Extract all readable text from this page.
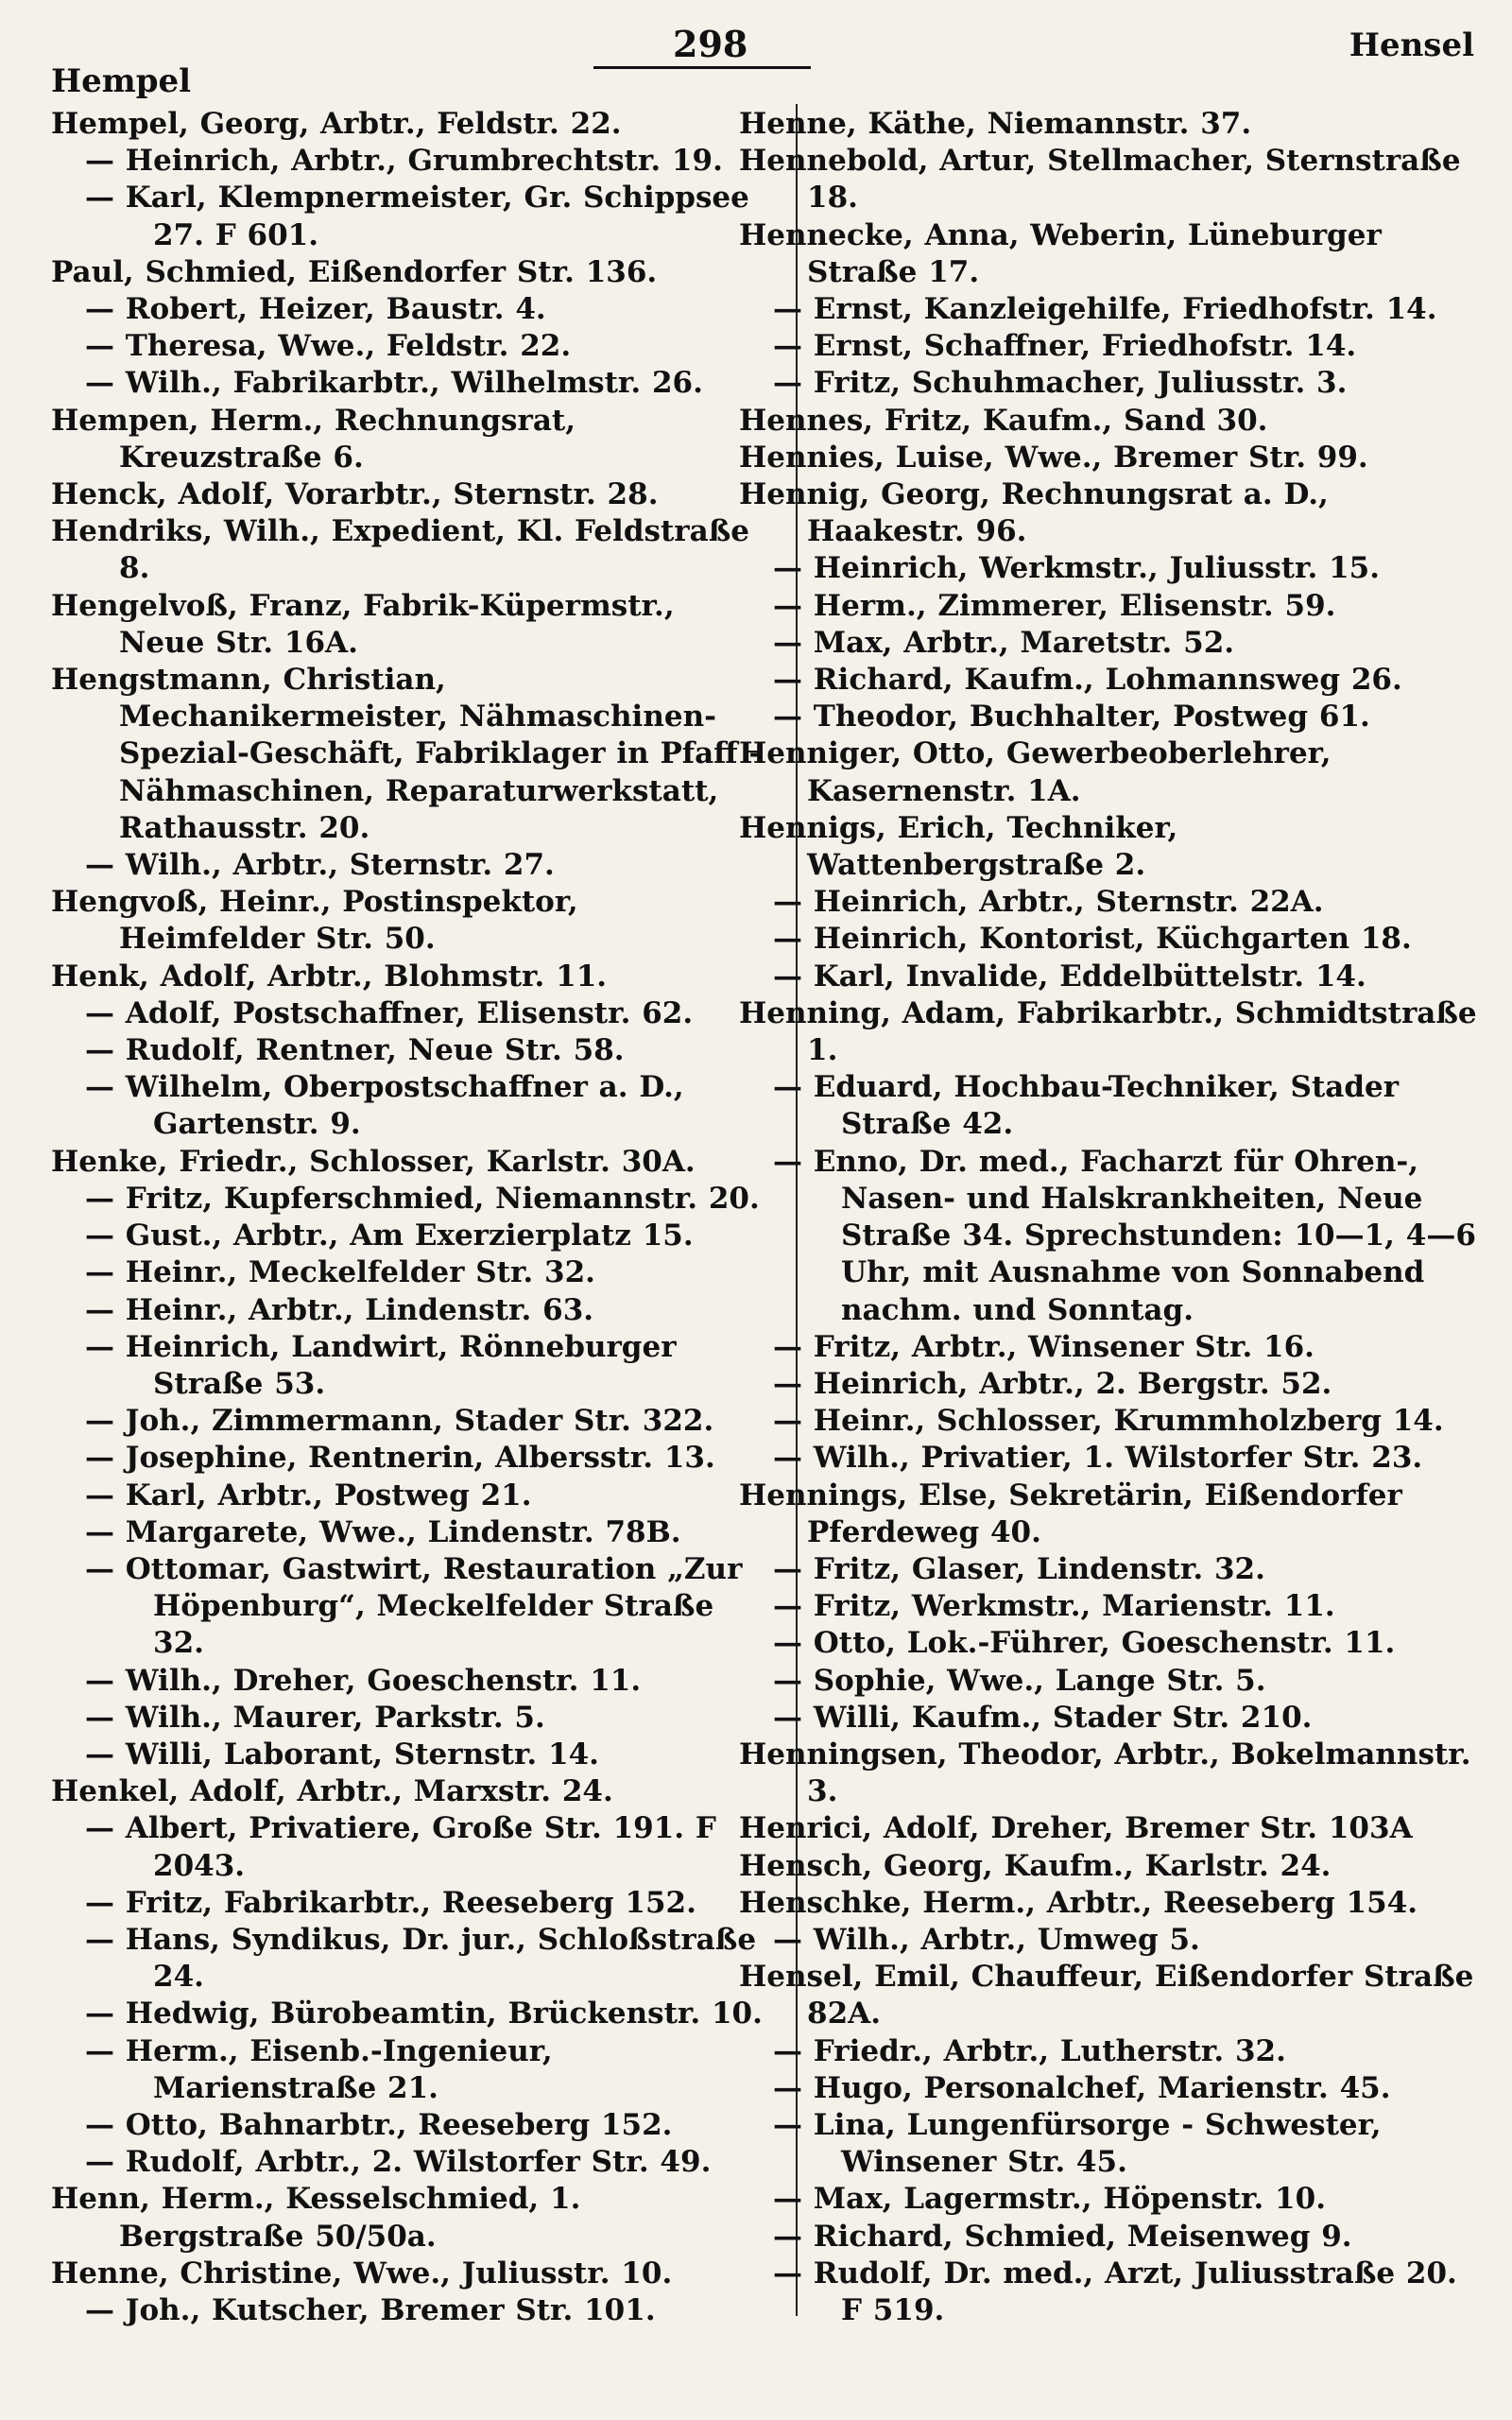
Hempel
298	Hensel
Hempel, Georg, Arbtr., Feldstr. 22.
— Heinrich, Arbtr., Grumbrechtstr. 19.
— Karl, Klempnermeister, Gr. Schippsee 27. F 601.
Paul, Schmied, Eißendorfer Str. 136.
— Robert, Heizer, Baustr. 4.
— Theresa, Wwe., Feldstr. 22.
— Wilh., Fabrikarbtr., Wilhelmstr. 26.
Hempen, Herm., Rechnungsrat, Kreuzstraße 6.
Henck, Adolf, Vorarbtr., Sternstr. 28.
Hendriks, Wilh., Expedient, Kl. Feldstraße 8.
Hengelvoß, Franz, Fabrik-Küpermstr., Neue Str. 16A.
Hengstmann, Christian, Mechanikermeister, Nähmaschinen-Spezial-Geschäft, Fabriklager in Pfaff - Nähmaschinen, Reparaturwerkstatt, Rathausstr. 20.
— Wilh., Arbtr., Sternstr. 27.
Hengvoß, Heinr., Postinspektor, Heimfelder Str. 50.
Henk, Adolf, Arbtr., Blohmstr. 11.
— Adolf, Postschaffner, Elisenstr. 62.
— Rudolf, Rentner, Neue Str. 58.
— Wilhelm, Oberpostschaffner a. D., Gartenstr. 9.
Henke, Friedr., Schlosser, Karlstr. 30A.
— Fritz, Kupferschmied, Niemannstr. 20.
— Gust., Arbtr., Am Exerzierplatz 15.
— Heinr., Meckelfelder Str. 32.
— Heinr., Arbtr., Lindenstr. 63.
— Heinrich, Landwirt, Rönneburger Straße 53.
— Joh., Zimmermann, Stader Str. 322.
— Josephine, Rentnerin, Albersstr. 13.
— Karl, Arbtr., Postweg 21.
— Margarete, Wwe., Lindenstr. 78B.
— Ottomar, Gastwirt, Restauration „Zur Höpenburg“, Meckelfelder Straße 32.
— Wilh., Dreher, Goeschenstr. 11.
— Wilh., Maurer, Parkstr. 5.
— Willi, Laborant, Sternstr. 14.
Henkel, Adolf, Arbtr., Marxstr. 24.
— Albert, Privatiere, Große Str. 191. F 2043.
— Fritz, Fabrikarbtr., Reeseberg 152.
— Hans, Syndikus, Dr. jur., Schloßstraße 24.
— Hedwig, Bürobeamtin, Brückenstr. 10.
— Herm., Eisenb.-Ingenieur, Marienstraße 21.
— Otto, Bahnarbtr., Reeseberg 152.
— Rudolf, Arbtr., 2. Wilstorfer Str. 49.
Henn, Herm., Kesselschmied, 1. Bergstraße 50/50a.
Henne, Christine, Wwe., Juliusstr. 10.
— Joh., Kutscher, Bremer Str. 101.
Henne, Käthe, Niemannstr. 37.
Hennebold, Artur, Stellmacher, Sternstraße 18.
Hennecke, Anna, Weberin, Lüneburger Straße 17.
— Ernst, Kanzleigehilfe, Friedhofstr. 14.
— Ernst, Schaffner, Friedhofstr. 14.
— Fritz, Schuhmacher, Juliusstr. 3.
Hennes, Fritz, Kaufm., Sand 30.
Hennies, Luise, Wwe., Bremer Str. 99.
Hennig, Georg, Rechnungsrat a. D., Haakestr. 96.
— Heinrich, Werkmstr., Juliusstr. 15.
— Herm., Zimmerer, Elisenstr. 59.
— Max, Arbtr., Maretstr. 52.
— Richard, Kaufm., Lohmannsweg 26.
— Theodor, Buchhalter, Postweg 61.
Henniger, Otto, Gewerbeoberlehrer, Kasernenstr. 1A.
Hennigs, Erich, Techniker, Wattenbergstraße 2.
— Heinrich, Arbtr., Sternstr. 22A.
— Heinrich, Kontorist, Küchgarten 18.
— Karl, Invalide, Eddelbüttelstr. 14.
Henning, Adam, Fabrikarbtr., Schmidtstraße 1.
— Eduard, Hochbau-Techniker, Stader Straße 42.
— Enno, Dr. med., Facharzt für Ohren-, Nasen- und Halskrankheiten, Neue Straße 34. Sprechstunden: 10—1, 4—6 Uhr, mit Ausnahme von Sonnabend nachm. und Sonntag.
— Fritz, Arbtr., Winsener Str. 16.
— Heinrich, Arbtr., 2. Bergstr. 52.
— Heinr., Schlosser, Krummholzberg 14.
— Wilh., Privatier, 1. Wilstorfer Str. 23.
Hennings, Else, Sekretärin, Eißendorfer Pferdeweg 40.
— Fritz, Glaser, Lindenstr. 32.
— Fritz, Werkmstr., Marienstr. 11.
— Otto, Lok.-Führer, Goeschenstr. 11.
— Sophie, Wwe., Lange Str. 5.
— Willi, Kaufm., Stader Str. 210.
Henningsen, Theodor, Arbtr., Bokelmannstr. 3.
Henrici, Adolf, Dreher, Bremer Str. 103A
Hensch, Georg, Kaufm., Karlstr. 24.
Henschke, Herm., Arbtr., Reeseberg 154.
— Wilh., Arbtr., Umweg 5.
Hensel, Emil, Chauffeur, Eißendorfer Straße 82A.
— Friedr., Arbtr., Lutherstr. 32.
— Hugo, Personalchef, Marienstr. 45.
— Lina, Lungenfürsorge - Schwester, Winsener Str. 45.
— Max, Lagermstr., Höpenstr. 10.
— Richard, Schmied, Meisenweg 9.
— Rudolf, Dr. med., Arzt, Juliusstraße 20. F 519.
